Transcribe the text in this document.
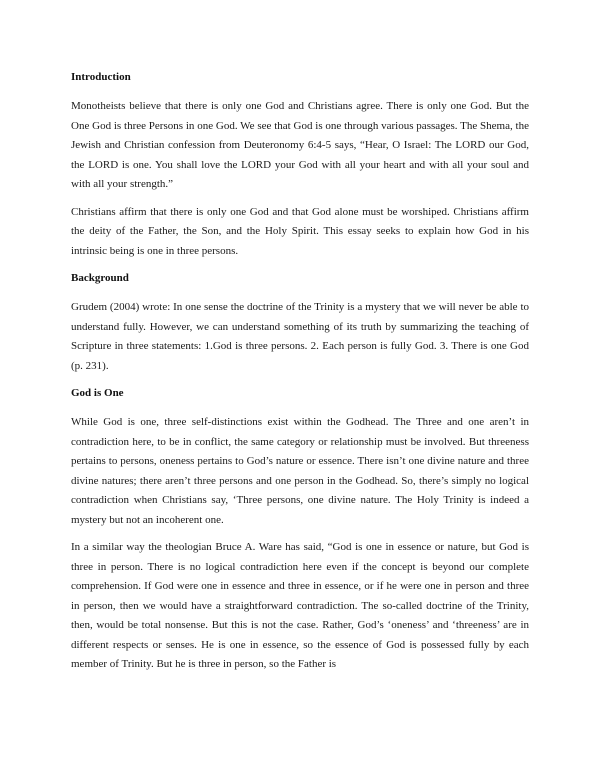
Introduction

Monotheists believe that there is only one God and Christians agree. There is only one God. But the One God is three Persons in one God. We see that God is one through various passages. The Shema, the Jewish and Christian confession from Deuteronomy 6:4-5 says, “Hear, O Israel: The LORD our God, the LORD is one. You shall love the LORD your God with all your heart and with all your soul and with all your strength.”

Christians affirm that there is only one God and that God alone must be worshiped. Christians affirm the deity of the Father, the Son, and the Holy Spirit. This essay seeks to explain how God in his intrinsic being is one in three persons.

Background

Grudem (2004) wrote: In one sense the doctrine of the Trinity is a mystery that we will never be able to understand fully. However, we can understand something of its truth by summarizing the teaching of Scripture in three statements: 1.God is three persons. 2. Each person is fully God. 3. There is one God (p. 231).

God is One

While God is one, three self-distinctions exist within the Godhead. The Three and one aren’t in contradiction here, to be in conflict, the same category or relationship must be involved. But threeness pertains to persons, oneness pertains to God’s nature or essence. There isn’t one divine nature and three divine natures; there aren’t three persons and one person in the Godhead. So, there’s simply no logical contradiction when Christians say, ‘Three persons, one divine nature. The Holy Trinity is indeed a mystery but not an incoherent one.

In a similar way the theologian Bruce A. Ware has said, “God is one in essence or nature, but God is three in person. There is no logical contradiction here even if the concept is beyond our complete comprehension. If God were one in essence and three in essence, or if he were one in person and three in person, then we would have a straightforward contradiction. The so-called doctrine of the Trinity, then, would be total nonsense. But this is not the case. Rather, God’s ‘oneness’ and ‘threeness’ are in different respects or senses. He is one in essence, so the essence of God is possessed fully by each member of Trinity. But he is three in person, so the Father is
